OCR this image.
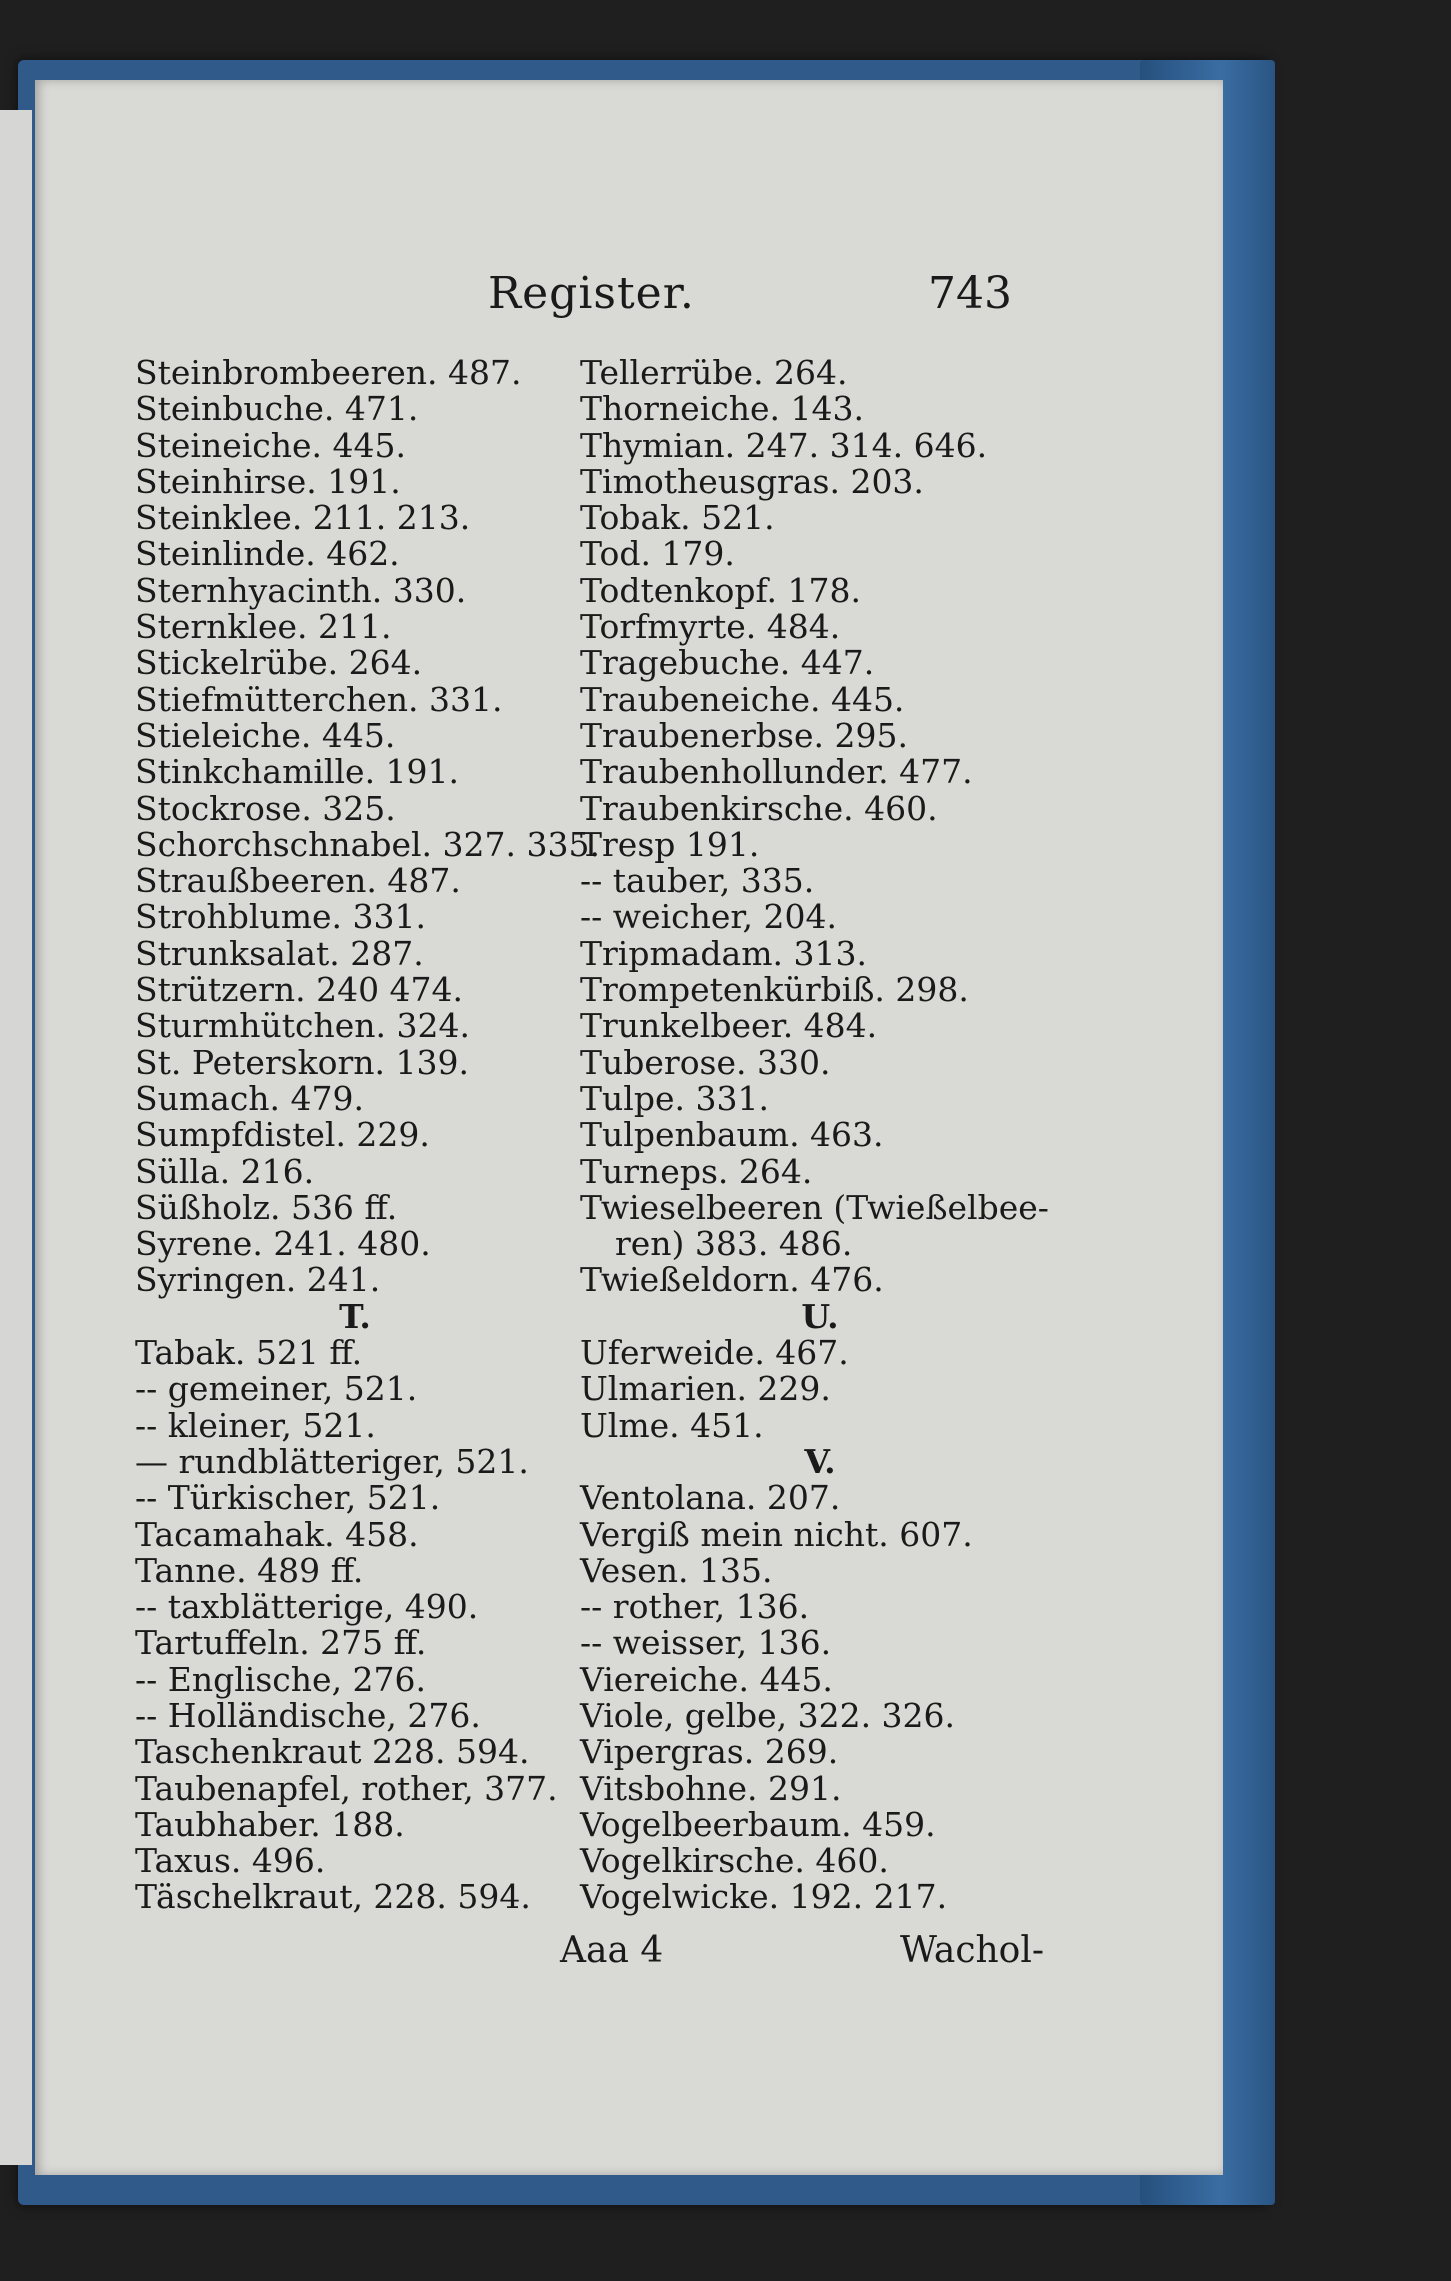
Register.	743
Steinbrombeeren. 487.
Steinbuche. 471.
Steineiche. 445.
Steinhirse. 191.
Steinklee. 211. 213.
Steinlinde. 462.
Sternhyacinth. 330.
Sternklee. 211.
Stickelrübe. 264.
Stiefmütterchen. 331.
Stieleiche. 445.
Stinkchamille. 191.
Stockrose. 325.
Schorchschnabel. 327. 335.
Straußbeeren. 487.
Strohblume. 331.
Strunksalat. 287.
Strützern. 240 474.
Sturmhütchen. 324.
St. Peterskorn. 139.
Sumach. 479.
Sumpfdistel. 229.
Sülla. 216.
Süßholz. 536 ff.
Syrene. 241. 480.
Syringen. 241.
T.
Tabak. 521 ff.
-- gemeiner, 521.
-- kleiner, 521.
— rundblätteriger, 521.
-- Türkischer, 521.
Tacamahak. 458.
Tanne. 489 ff.
-- taxblätterige, 490.
Tartuffeln. 275 ff.
-- Englische, 276.
-- Holländische, 276.
Taschenkraut 228. 594.
Taubenapfel, rother, 377.
Taubhaber. 188.
Taxus. 496.
Täschelkraut, 228. 594.
Tellerrübe. 264.
Thorneiche. 143.
Thymian. 247. 314. 646.
Timotheusgras. 203.
Tobak. 521.
Tod. 179.
Todtenkopf. 178.
Torfmyrte. 484.
Tragebuche. 447.
Traubeneiche. 445.
Traubenerbse. 295.
Traubenhollunder. 477.
Traubenkirsche. 460.
Tresp 191.
-- tauber, 335.
-- weicher, 204.
Tripmadam. 313.
Trompetenkürbiß. 298.
Trunkelbeer. 484.
Tuberose. 330.
Tulpe. 331.
Tulpenbaum. 463.
Turneps. 264.
Twieselbeeren (Twießelbee-
ren) 383. 486.
Twießeldorn. 476.
U.
Uferweide. 467.
Ulmarien. 229.
Ulme. 451.
V.
Ventolana. 207.
Vergiß mein nicht. 607.
Vesen. 135.
-- rother, 136.
-- weisser, 136.
Viereiche. 445.
Viole, gelbe, 322. 326.
Vipergras. 269.
Vitsbohne. 291.
Vogelbeerbaum. 459.
Vogelkirsche. 460.
Vogelwicke. 192. 217.
Aaa 4	Wachol-
